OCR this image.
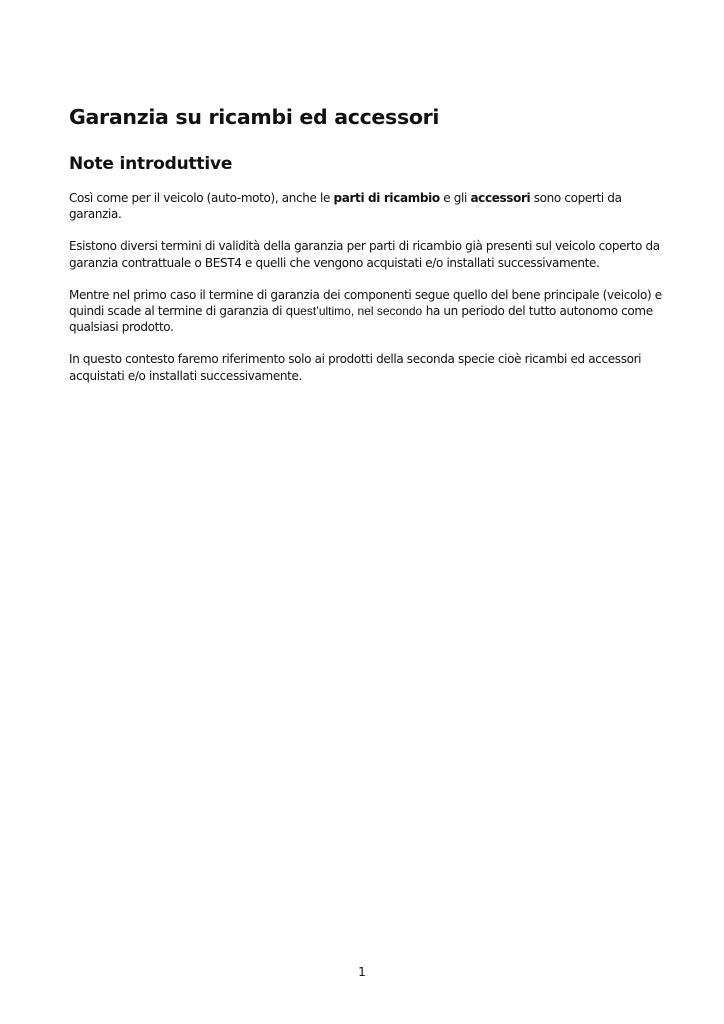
Garanzia su ricambi ed accessori
Note introduttive

Così come per il veicolo (auto-moto), anche le parti di ricambio e gli accessori sono coperti da garanzia.

Esistono diversi termini di validità della garanzia per parti di ricambio già presenti sul veicolo coperto da garanzia contrattuale o BEST4 e quelli che vengono acquistati e/o installati successivamente.

Mentre nel primo caso il termine di garanzia dei componenti segue quello del bene principale (veicolo) e quindi scade al termine di garanzia di quest’ultimo, nel secondo ha un periodo del tutto autonomo come qualsiasi prodotto.

In questo contesto faremo riferimento solo ai prodotti della seconda specie cioè ricambi ed accessori acquistati e/o installati successivamente.

1
